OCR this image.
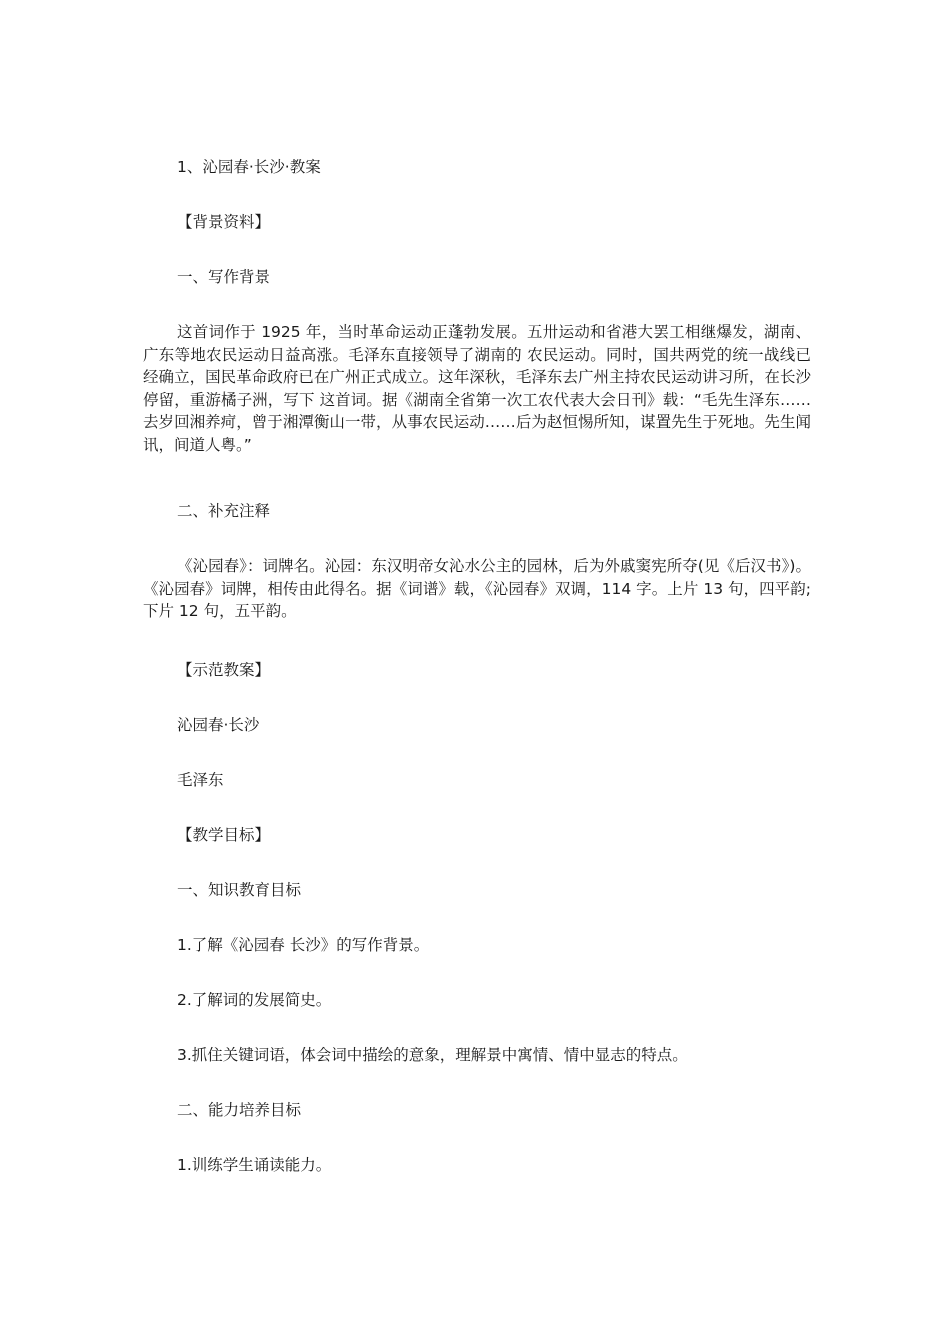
1、沁园春·长沙·教案
【背景资料】
一、写作背景
这首词作于 1925 年，当时革命运动正蓬勃发展。五卅运动和省港大罢工相继爆发，湖南、广东等地农民运动日益高涨。毛泽东直接领导了湖南的 农民运动。同时，国共两党的统一战线已经确立，国民革命政府已在广州正式成立。这年深秋，毛泽东去广州主持农民运动讲习所，在长沙停留，重游橘子洲，写下 这首词。据《湖南全省第一次工农代表大会日刊》载：“毛先生泽东……去岁回湘养疴，曾于湘潭衡山一带，从事农民运动……后为赵恒惕所知，谋置先生于死地。先生闻讯，间道人粤。”
二、补充注释
《沁园春》：词牌名。沁园：东汉明帝女沁水公主的园林，后为外戚窦宪所夺(见《后汉书》)。《沁园春》词牌，相传由此得名。据《词谱》载，《沁园春》双调，114 字。上片 13 句，四平韵;下片 12 句，五平韵。
【示范教案】
沁园春·长沙
毛泽东
【教学目标】
一、知识教育目标
1.了解《沁园春 长沙》的写作背景。
2.了解词的发展简史。
3.抓住关键词语，体会词中描绘的意象，理解景中寓情、情中显志的特点。
二、能力培养目标
1.训练学生诵读能力。
